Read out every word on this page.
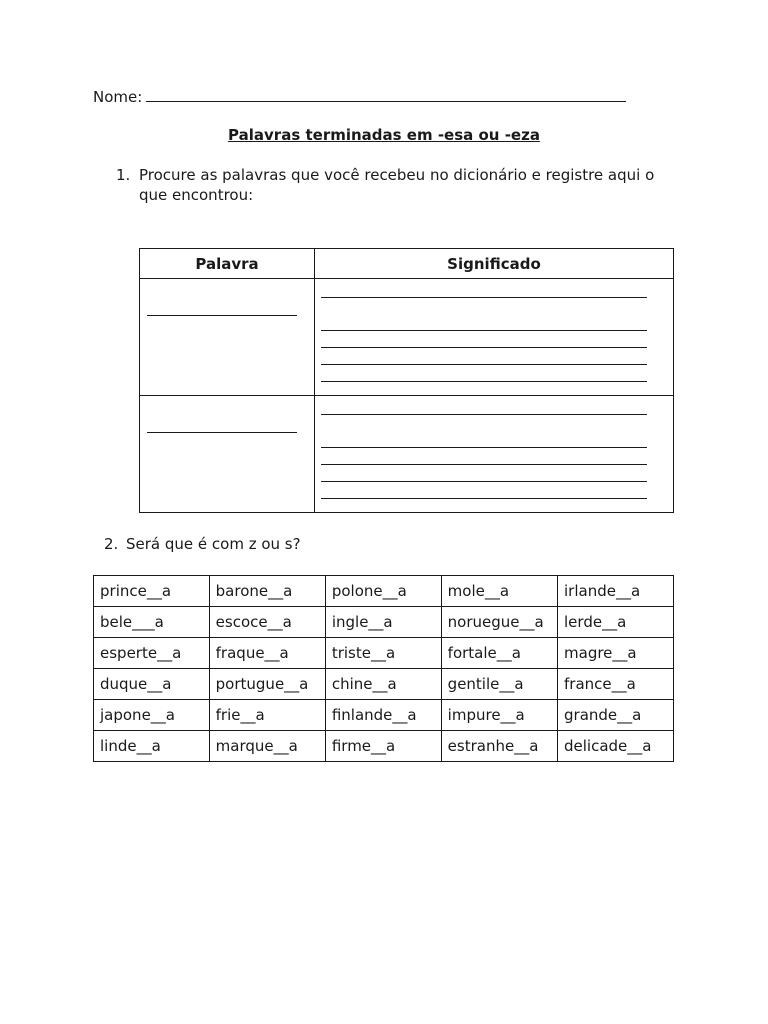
Nome:
Palavras terminadas em -esa ou -eza
1. Procure as palavras que você recebeu no dicionário e registre aqui o que encontrou:
Palavra	Significado

2. Será que é com z ou s?
prince__a	barone__a	polone__a	mole__a	irlande__a
bele___a	escoce__a	ingle__a	noruegue__a	lerde__a
esperte__a	fraque__a	triste__a	fortale__a	magre__a
duque__a	portugue__a	chine__a	gentile__a	france__a
japone__a	frie__a	finlande__a	impure__a	grande__a
linde__a	marque__a	firme__a	estranhe__a	delicade__a
